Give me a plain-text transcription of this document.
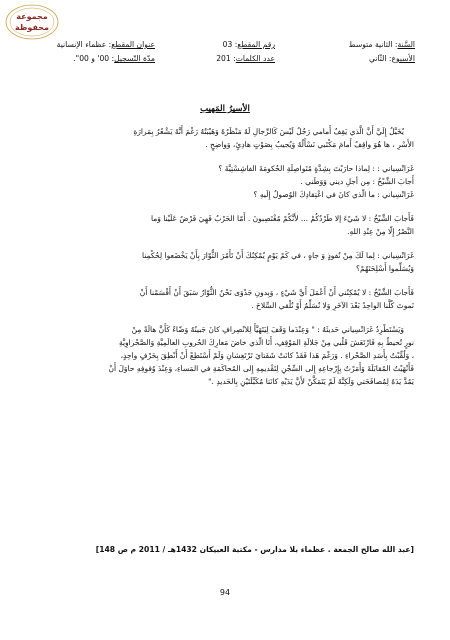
مجموعة
محفوظة
السَّنة: الثانية متوسط
رقم المقطع: 03
عنوان المقطع: عظماء الإنسانية
الأسبوع: الثّاني
عدد الكلمات: 201
مدّة التّسجيل: 00' و 00".
الأسيرُ المَهيب
يُخَيَّلُ إِلَيَّ أَنَّ الَّذي يَقِفُ أَمامي رَجُلٌ لَيْسَ كَالرِّجالِ لَهُ مَنْظَرُهُ وَهَيْبَتُهُ رَغْمَ أَنَّهُ يَشْعُرُ بِمَرارَةِ
الأَسْرِ ، ها هُوَ واقِفٌ أَمامَ مَكْتَبي نَسْأَلُهُ وَيُجيبُ بِصَوْتٍ هادِئٍ، وَواضِحٍ .
غَرَاتْسِياني : : لِماذا حارَبْتَ بِشِدَّةٍ مُتَواصِلَةِ الحُكومَةَ الفاشِسْتِيَّةَ ؟
أَجابَ الشَّيْخُ : مِن أجلِ ديني وَوَطَني .
غَرَاتْسِياني : ما الّذي كانَ في اعْتِقادِكَ الوُصولُ إِلَيهِ ؟
فَأَجابَ الشَّيْخُ : لا شَيْءَ إلا طَرْدُكُمْ ... لأَنَّكُمْ مُغْتَصِبونَ . أَمّا الحَرْبُ فَهِيَ فَرْضٌ عَلَيْنا وَما
النَّصْرُ إِلّا مِنْ عِنْدِ اللهِ.
غَرَاتْسِياني : لِما لَكَ مِنْ نُفوذٍ وَ جاهٍ ، في كَمْ يَوْمٍ يُمْكِنُكَ أَنْ تَأْمُرَ الثُّوّارَ بِأَنْ يَخْضَعوا لِحُكْمِنا
وَيُسَلِّموا أَسْلِحَتَهُمْ؟
فَأَجابَ الشَّيْخُ : لا يُمْكِنُني أَنْ أَعْمَلَ أَيَّ شَيْءٍ ، وَبِدونِ جَدْوَى نَحْنُ الثُّوّارُ سَبَقَ أَنْ أَقْسَمْنا أَنْ
نَموتَ كُلُّنا الواحِدُ بَعْدَ الآخَرِ وَلا نُسَلِّمُ أَوْ نُلْقي السِّلاحَ .
وَيَسْتَطْرِدُ غَرَاتْسِياني حَديثَهُ : " وَعِنْدَما وَقَفَ لِيَتَهَيَّأَ لِلانْصِرافِ كانَ جَبينُهُ وَضّاءً كَأَنَّ هالَةً مِنْ
نورٍ تُحيطُ بِهِ فَارْتَعَشَ قَلْبي مِنْ جَلالَةِ المَوْقِفِ، أَنَا الّذي خاضَ مَعارِكَ الحُروبِ العالَمِيَّةِ وَالصَّحْراوِيَّةِ
، وَلُقِّبْتُ بِأَسَدِ الصَّحْراءِ . وَرَغْمَ هَذا فَقَدْ كانَتْ شَفَتايَ تَرْتَعِشانِ وَلَمْ أَسْتَطِعْ أَنْ أَنْطِقَ بِحَرْفٍ واحِدٍ،
فَأَنْهَيْتُ المُقابَلَةَ وَأَمَرْتُ بِإِرْجاعِهِ إِلى السِّجْنِ لِتَقْديمِهِ إِلى المُحاكَمَةِ في المَساءِ، وَعِنْدَ وُقوفِهِ حاوَلَ أَنْ
يَمُدَّ يَدَهُ لِمُصافَحَتي وَلَكِنَّهُ لَمْ يَتَمَكَّنْ لأَنَّ يَدَيْهِ كانَتا مُكَبَّلَتَيْنِ بِالحَديدِ ."
[عبد الله صالح الجمعة . عظماء بلا مدارس - مكتبة العبيكان 1432هـ / 2011 م ص 148]
94
